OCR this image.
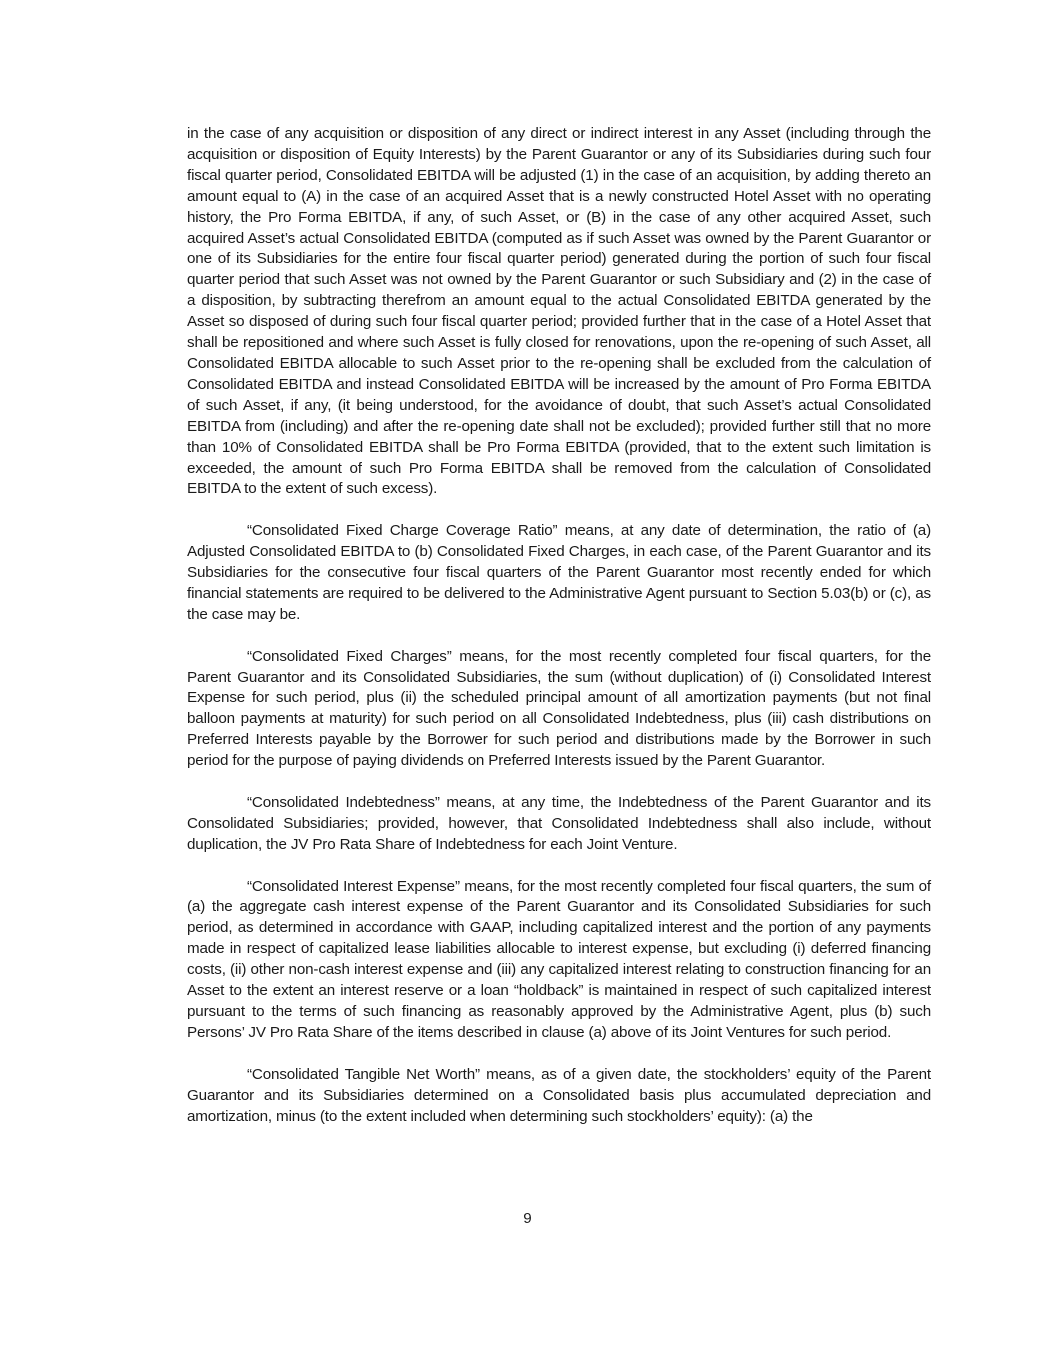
in the case of any acquisition or disposition of any direct or indirect interest in any Asset (including through the acquisition or disposition of Equity Interests) by the Parent Guarantor or any of its Subsidiaries during such four fiscal quarter period, Consolidated EBITDA will be adjusted (1) in the case of an acquisition, by adding thereto an amount equal to (A) in the case of an acquired Asset that is a newly constructed Hotel Asset with no operating history, the Pro Forma EBITDA, if any, of such Asset, or (B) in the case of any other acquired Asset, such acquired Asset’s actual Consolidated EBITDA (computed as if such Asset was owned by the Parent Guarantor or one of its Subsidiaries for the entire four fiscal quarter period) generated during the portion of such four fiscal quarter period that such Asset was not owned by the Parent Guarantor or such Subsidiary and (2) in the case of a disposition, by subtracting therefrom an amount equal to the actual Consolidated EBITDA generated by the Asset so disposed of during such four fiscal quarter period; provided further that in the case of a Hotel Asset that shall be repositioned and where such Asset is fully closed for renovations, upon the re-opening of such Asset, all Consolidated EBITDA allocable to such Asset prior to the re-opening shall be excluded from the calculation of Consolidated EBITDA and instead Consolidated EBITDA will be increased by the amount of Pro Forma EBITDA of such Asset, if any, (it being understood, for the avoidance of doubt, that such Asset’s actual Consolidated EBITDA from (including) and after the re-opening date shall not be excluded); provided further still that no more than 10% of Consolidated EBITDA shall be Pro Forma EBITDA (provided, that to the extent such limitation is exceeded, the amount of such Pro Forma EBITDA shall be removed from the calculation of Consolidated EBITDA to the extent of such excess).

“Consolidated Fixed Charge Coverage Ratio” means, at any date of determination, the ratio of (a) Adjusted Consolidated EBITDA to (b) Consolidated Fixed Charges, in each case, of the Parent Guarantor and its Subsidiaries for the consecutive four fiscal quarters of the Parent Guarantor most recently ended for which financial statements are required to be delivered to the Administrative Agent pursuant to Section 5.03(b) or (c), as the case may be.

“Consolidated Fixed Charges” means, for the most recently completed four fiscal quarters, for the Parent Guarantor and its Consolidated Subsidiaries, the sum (without duplication) of (i) Consolidated Interest Expense for such period, plus (ii) the scheduled principal amount of all amortization payments (but not final balloon payments at maturity) for such period on all Consolidated Indebtedness, plus (iii) cash distributions on Preferred Interests payable by the Borrower for such period and distributions made by the Borrower in such period for the purpose of paying dividends on Preferred Interests issued by the Parent Guarantor.

“Consolidated Indebtedness” means, at any time, the Indebtedness of the Parent Guarantor and its Consolidated Subsidiaries; provided, however, that Consolidated Indebtedness shall also include, without duplication, the JV Pro Rata Share of Indebtedness for each Joint Venture.

“Consolidated Interest Expense” means, for the most recently completed four fiscal quarters, the sum of (a) the aggregate cash interest expense of the Parent Guarantor and its Consolidated Subsidiaries for such period, as determined in accordance with GAAP, including capitalized interest and the portion of any payments made in respect of capitalized lease liabilities allocable to interest expense, but excluding (i) deferred financing costs, (ii) other non-cash interest expense and (iii) any capitalized interest relating to construction financing for an Asset to the extent an interest reserve or a loan “holdback” is maintained in respect of such capitalized interest pursuant to the terms of such financing as reasonably approved by the Administrative Agent, plus (b) such Persons’ JV Pro Rata Share of the items described in clause (a) above of its Joint Ventures for such period.

“Consolidated Tangible Net Worth” means, as of a given date, the stockholders’ equity of the Parent Guarantor and its Subsidiaries determined on a Consolidated basis plus accumulated depreciation and amortization, minus (to the extent included when determining such stockholders’ equity): (a) the

9
